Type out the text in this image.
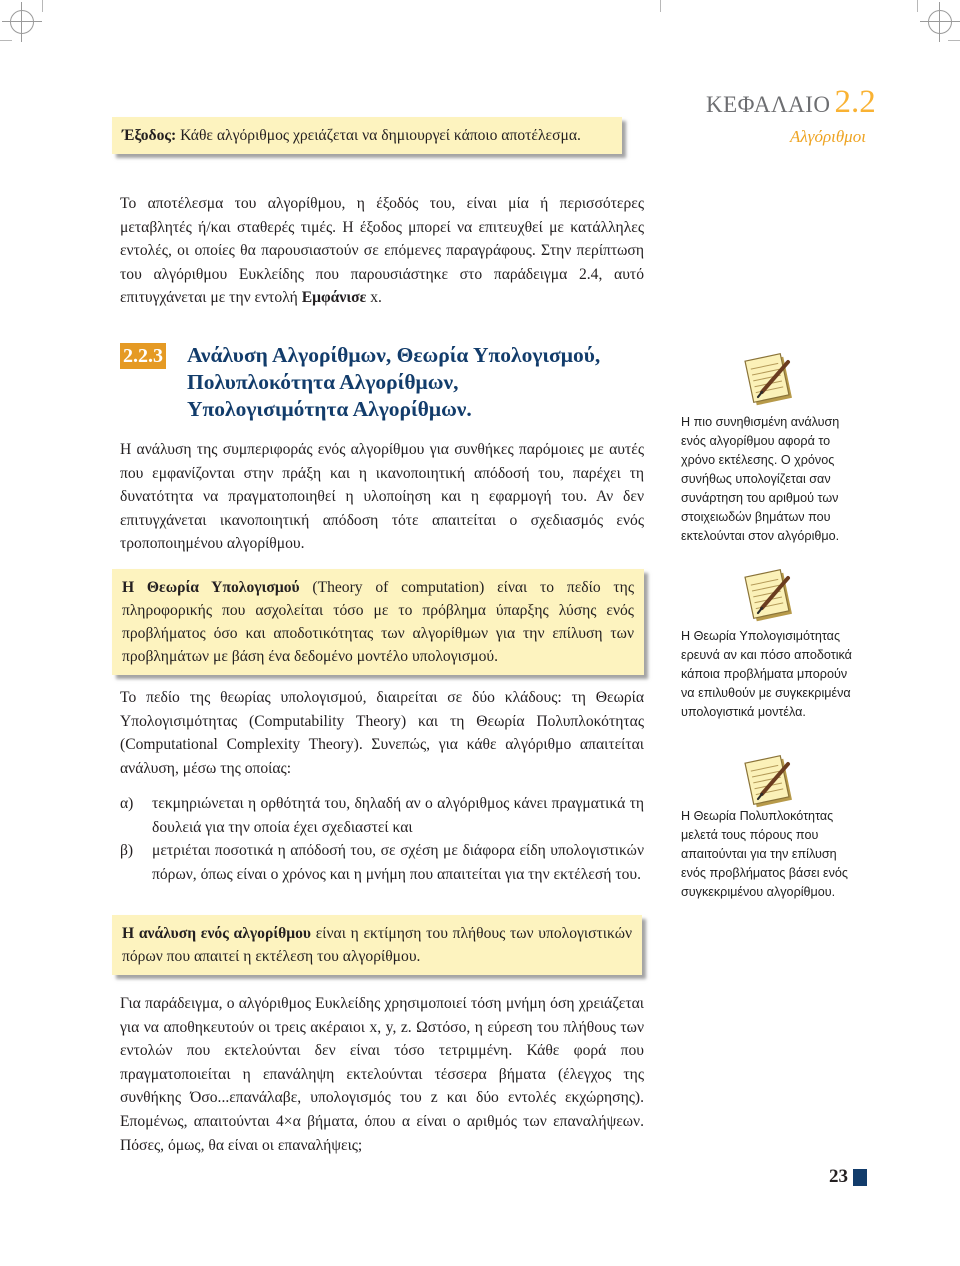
ΚΕΦΑΛΑΙΟ 2.2
Αλγόριθμοι

Έξοδος: Κάθε αλγόριθμος χρειάζεται να δημιουργεί κάποιο αποτέλεσμα.

Το αποτέλεσμα του αλγορίθμου, η έξοδός του, είναι μία ή περισσότερες μεταβλητές ή/και σταθερές τιμές. Η έξοδος μπορεί να επιτευχθεί με κατάλληλες εντολές, οι οποίες θα παρουσιαστούν σε επόμενες παραγράφους. Στην περίπτωση του αλγόριθμου Ευκλείδης που παρουσιάστηκε στο παράδειγμα 2.4, αυτό επιτυγχάνεται με την εντολή Εμφάνισε x.

2.2.3 Ανάλυση Αλγορίθμων, Θεωρία Υπολογισμού,
Πολυπλοκότητα Αλγορίθμων,
Υπολογισιμότητα Αλγορίθμων.

Η ανάλυση της συμπεριφοράς ενός αλγορίθμου για συνθήκες παρόμοιες με αυτές που εμφανίζονται στην πράξη και η ικανοποιητική απόδοσή του, παρέχει τη δυνατότητα να πραγματοποιηθεί η υλοποίηση και η εφαρμογή του. Αν δεν επιτυγχάνεται ικανοποιητική απόδοση τότε απαιτείται ο σχεδιασμός ενός τροποποιημένου αλγορίθμου.

Η Θεωρία Υπολογισμού (Theory of computation) είναι το πεδίο της πληροφορικής που ασχολείται τόσο με το πρόβλημα ύπαρξης λύσης ενός προβλήματος όσο και αποδοτικότητας των αλγορίθμων για την επίλυση των προβλημάτων με βάση ένα δεδομένο μοντέλο υπολογισμού.

Το πεδίο της θεωρίας υπολογισμού, διαιρείται σε δύο κλάδους: τη Θεωρία Υπολογισιμότητας (Computability Theory) και τη Θεωρία Πολυπλοκότητας (Computational Complexity Theory). Συνεπώς, για κάθε αλγόριθμο απαιτείται ανάλυση, μέσω της οποίας:

α)	τεκμηριώνεται η ορθότητά του, δηλαδή αν ο αλγόριθμος κάνει πραγματικά τη δουλειά για την οποία έχει σχεδιαστεί και

β)	μετριέται ποσοτικά η απόδοσή του, σε σχέση με διάφορα είδη υπολογιστικών πόρων, όπως είναι ο χρόνος και η μνήμη που απαιτείται για την εκτέλεσή του.

Η ανάλυση ενός αλγορίθμου είναι η εκτίμηση του πλήθους των υπολογιστικών πόρων που απαιτεί η εκτέλεση του αλγορίθμου.

Για παράδειγμα, ο αλγόριθμος Ευκλείδης χρησιμοποιεί τόση μνήμη όση χρειάζεται για να αποθηκευτούν οι τρεις ακέραιοι x, y, z. Ωστόσο, η εύρεση του πλήθους των εντολών που εκτελούνται δεν είναι τόσο τετριμμένη. Κάθε φορά που πραγματοποιείται η επανάληψη εκτελούνται τέσσερα βήματα (έλεγχος της συνθήκης Όσο...επανάλαβε, υπολογισμός του z και δύο εντολές εκχώρησης). Επομένως, απαιτούνται 4×α βήματα, όπου α είναι ο αριθμός των επαναλήψεων. Πόσες, όμως, θα είναι οι επαναλήψεις;

Η πιο συνηθισμένη ανάλυση ενός αλγορίθμου αφορά το χρόνο εκτέλεσης. Ο χρόνος συνήθως υπολογίζεται σαν συνάρτηση του αριθμού των στοιχειωδών βημάτων που εκτελούνται στον αλγόριθμο.

Η Θεωρία Υπολογισιμότητας ερευνά αν και πόσο αποδοτικά κάποια προβλήματα μπορούν να επιλυθούν με συγκεκριμένα υπολογιστικά μοντέλα.

Η Θεωρία Πολυπλοκότητας μελετά τους πόρους που απαιτούνται για την επίλυση ενός προβλήματος βάσει ενός συγκεκριμένου αλγορίθμου.

23
